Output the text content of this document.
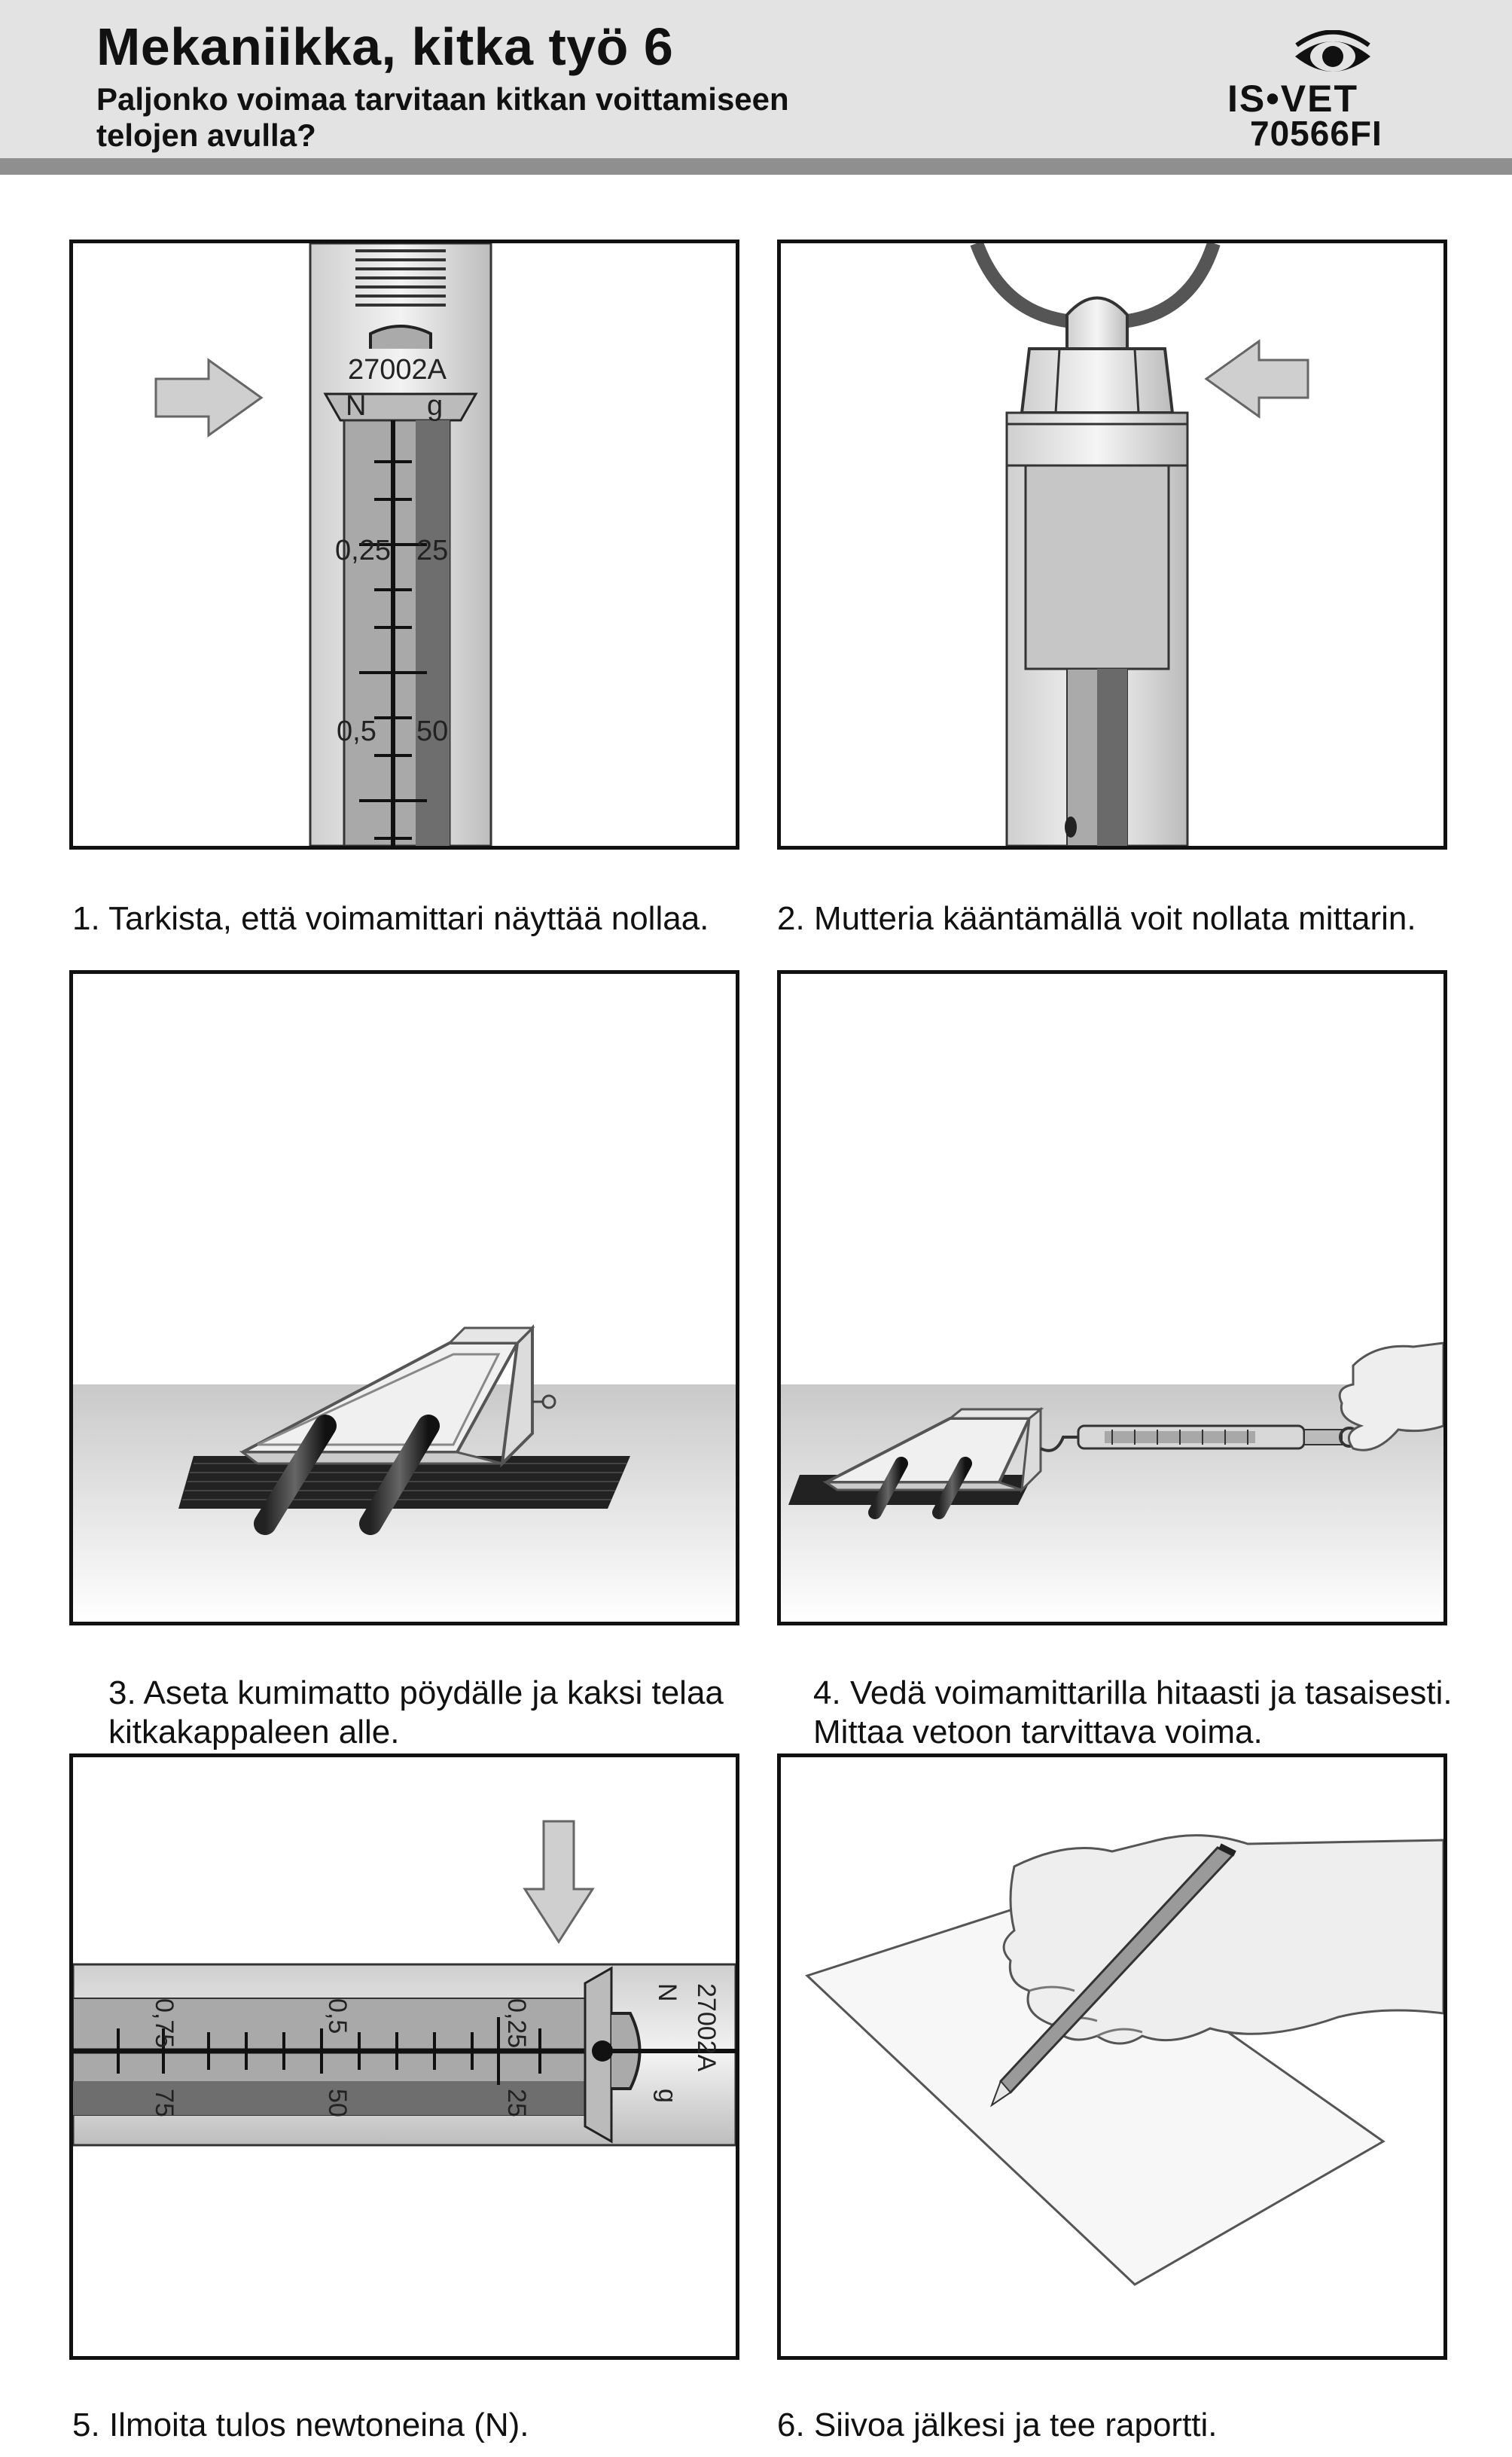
Mekaniikka, kitka työ 6
Paljonko voimaa tarvitaan kitkan voittamiseen
telojen avulla?
IS•VET
70566FI
27002A
N g
0,25 25
0,5 50

1. Tarkista, että voimamittari näyttää nollaa.	2. Mutteria kääntämällä voit nollata mittarin.

3. Aseta kumimatto pöydälle ja kaksi telaa
kitkakappaleen alle.

4. Vedä voimamittarilla hitaasti ja tasaisesti.
Mittaa vetoon tarvittava voima.

0,75
75
0,5
50
0,25
25
N
g
27002A

5. Ilmoita tulos newtoneina (N).	6. Siivoa jälkesi ja tee raportti.
